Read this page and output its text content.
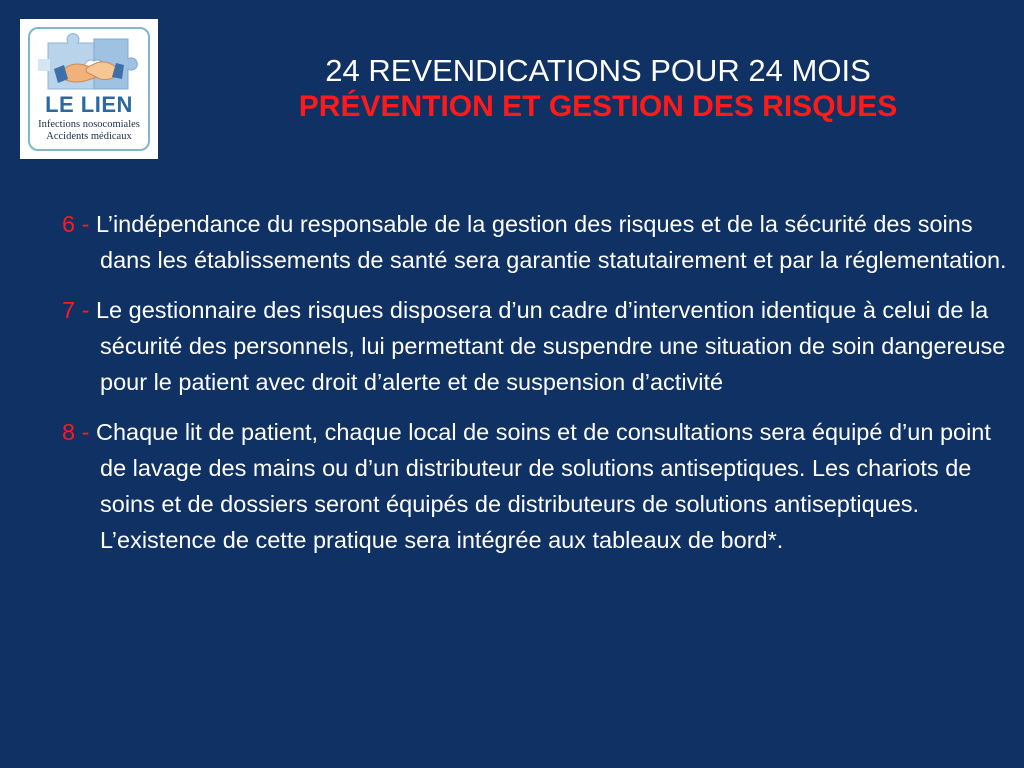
LE LIEN
Infections nosocomiales
Accidents médicaux
24 REVENDICATIONS POUR 24 MOIS
PRÉVENTION ET GESTION DES RISQUES
6 - L’indépendance du responsable de la gestion des risques et de la sécurité des soins dans les établissements de santé sera garantie statutairement et par la réglementation.
7 - Le gestionnaire des risques disposera d’un cadre d’intervention identique à celui de la sécurité des personnels, lui permettant de suspendre une situation de soin dangereuse pour le patient avec droit d’alerte et de suspension d’activité
8 - Chaque lit de patient, chaque local de soins et de consultations sera équipé d’un point de lavage des mains ou d’un distributeur de solutions antiseptiques. Les chariots de soins et de dossiers seront équipés de distributeurs de solutions antiseptiques. L’existence de cette pratique sera intégrée aux tableaux de bord*.
